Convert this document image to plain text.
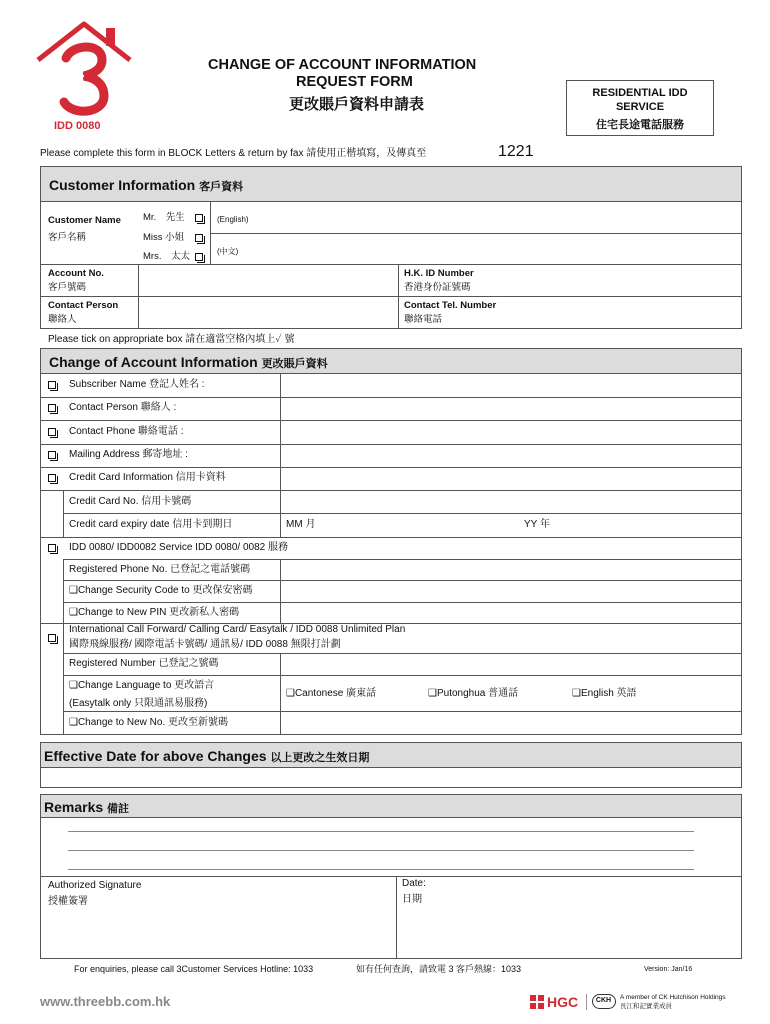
IDD 0080
CHANGE OF ACCOUNT INFORMATION
REQUEST FORM
更改賬戶資料申請表
RESIDENTIAL IDD
SERVICE
住宅長途電話服務
Please complete this form in BLOCK Letters & return by fax 請使用正楷填寫，及傳真至	1221
Customer Information 客戶資料
Customer Name
客戶名稱
Mr.　先生
Miss 小姐
Mrs.　太太
(English)
(中文)
Account No.
客戶號碼
H.K. ID Number
香港身份証號碼
Contact Person
聯絡人
Contact Tel. Number
聯絡電話
Please tick on appropriate box 請在適當空格內填上✓ 號
Change of Account Information 更改賬戶資料
Subscriber Name 登記人姓名 :
Contact Person 聯絡人 :
Contact Phone 聯絡電話 :
Mailing Address 郵寄地址 :
Credit Card Information 信用卡資料
Credit Card No. 信用卡號碼
Credit card expiry date 信用卡到期日	MM 月	YY 年
IDD 0080/ IDD0082 Service IDD 0080/ 0082 服務
Registered Phone No. 已登記之電話號碼
❑Change Security Code to 更改保安密碼
❑Change to New PIN 更改新私人密碼
International Call Forward/ Calling Card/ Easytalk / IDD 0088 Unlimited Plan
國際飛線服務/ 國際電話卡號碼/ 通訊易/ IDD 0088 無限打計劃
Registered Number 已登記之號碼
❑Change Language to 更改語言
(Easytalk only 只限通訊易服務)
❑Cantonese 廣東話	❑Putonghua 普通話	❑English 英語
❑Change to New No. 更改至新號碼
Effective Date for above Changes 以上更改之生效日期
Remarks 備註
Authorized Signature
授權簽署
Date:
日期
For enquiries, please call 3Customer Services Hotline: 1033	如有任何查詢，請致電 3 客戶熱線：1033	Version: Jan/16
www.threebb.com.hk	HGC	CKH	A member of CK Hutchison Holdings
長江和記實業成員
